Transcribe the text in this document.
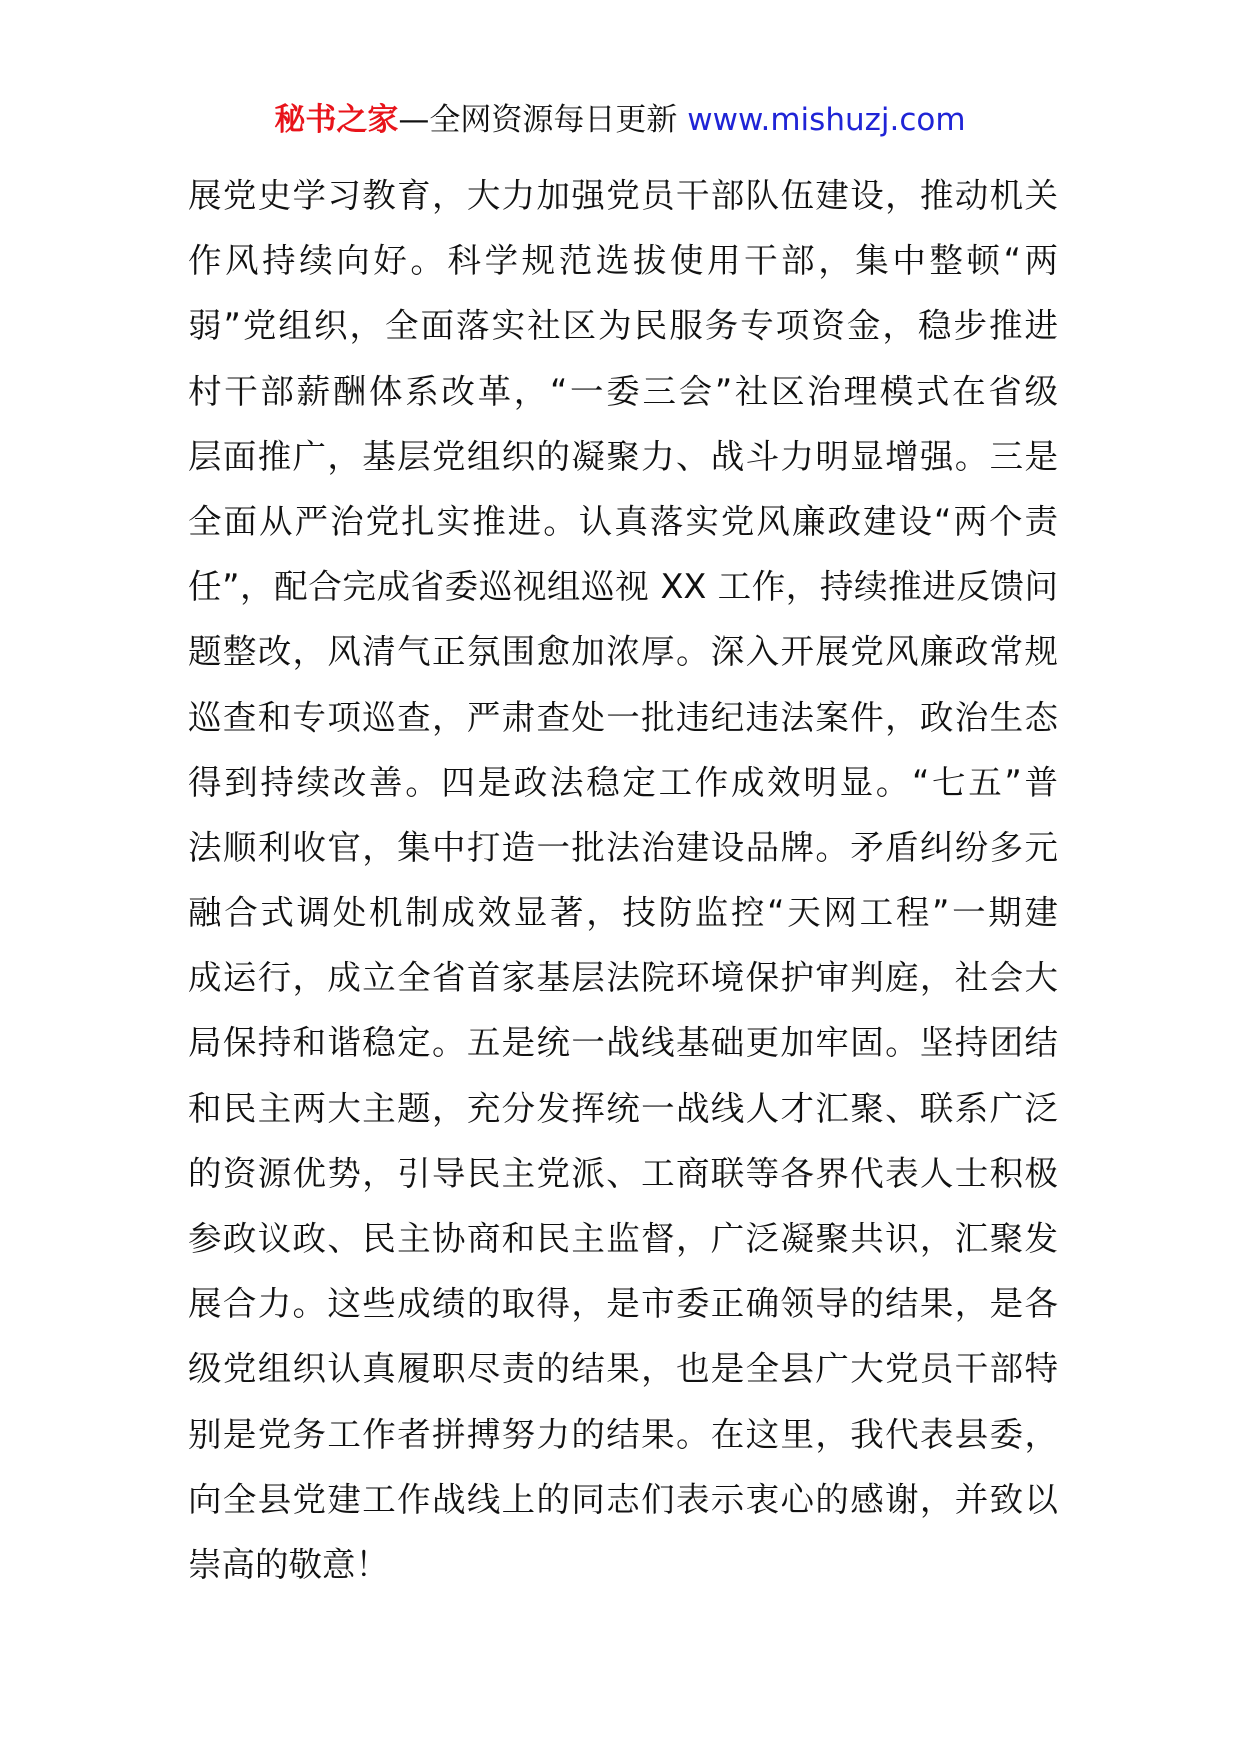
秘书之家—全网资源每日更新 www.mishuzj.com
展党史学习教育，大力加强党员干部队伍建设，推动机关
作风持续向好。科学规范选拔使用干部，集中整顿“两
弱”党组织，全面落实社区为民服务专项资金，稳步推进
村干部薪酬体系改革，“一委三会”社区治理模式在省级
层面推广，基层党组织的凝聚力、战斗力明显增强。三是
全面从严治党扎实推进。认真落实党风廉政建设“两个责
任”，配合完成省委巡视组巡视 XX 工作，持续推进反馈问
题整改，风清气正氛围愈加浓厚。深入开展党风廉政常规
巡查和专项巡查，严肃查处一批违纪违法案件，政治生态
得到持续改善。四是政法稳定工作成效明显。“七五”普
法顺利收官，集中打造一批法治建设品牌。矛盾纠纷多元
融合式调处机制成效显著，技防监控“天网工程”一期建
成运行，成立全省首家基层法院环境保护审判庭，社会大
局保持和谐稳定。五是统一战线基础更加牢固。坚持团结
和民主两大主题，充分发挥统一战线人才汇聚、联系广泛
的资源优势，引导民主党派、工商联等各界代表人士积极
参政议政、民主协商和民主监督，广泛凝聚共识，汇聚发
展合力。这些成绩的取得，是市委正确领导的结果，是各
级党组织认真履职尽责的结果，也是全县广大党员干部特
别是党务工作者拼搏努力的结果。在这里，我代表县委，
向全县党建工作战线上的同志们表示衷心的感谢，并致以
崇高的敬意！
